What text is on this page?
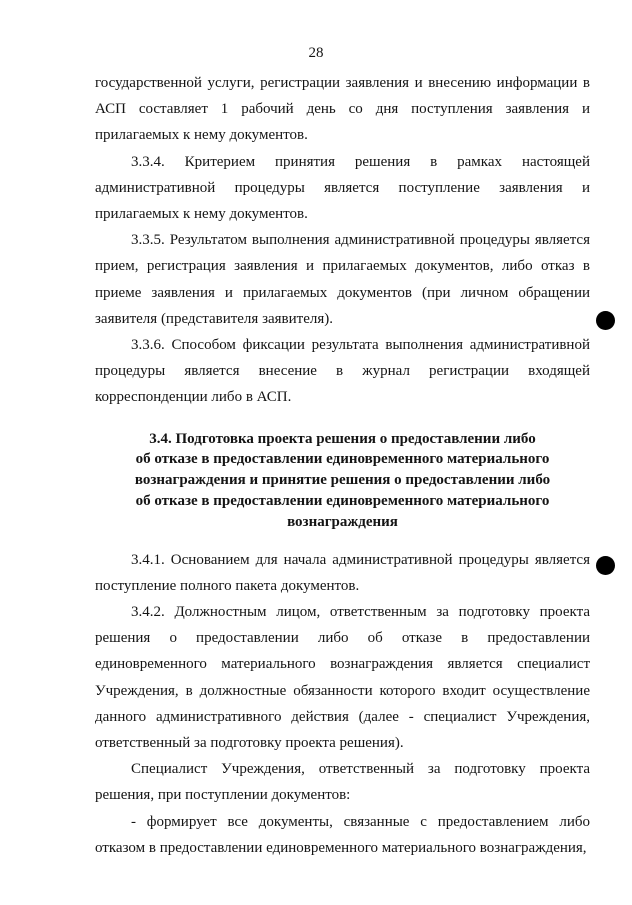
28

государственной услуги, регистрации заявления и внесению информации в АСП составляет 1 рабочий день со дня поступления заявления и прилагаемых к нему документов.

3.3.4. Критерием принятия решения в рамках настоящей административной процедуры является поступление заявления и прилагаемых к нему документов.

3.3.5. Результатом выполнения административной процедуры является прием, регистрация заявления и прилагаемых документов, либо отказ в приеме заявления и прилагаемых документов (при личном обращении заявителя (представителя заявителя).

3.3.6. Способом фиксации результата выполнения административной процедуры является внесение в журнал регистрации входящей корреспонденции либо в АСП.

3.4. Подготовка проекта решения о предоставлении либо
об отказе в предоставлении единовременного материального
вознаграждения и принятие решения о предоставлении либо
об отказе в предоставлении единовременного материального
вознаграждения

3.4.1. Основанием для начала административной процедуры является поступление полного пакета документов.

3.4.2. Должностным лицом, ответственным за подготовку проекта решения о предоставлении либо об отказе в предоставлении единовременного материального вознаграждения является специалист Учреждения, в должностные обязанности которого входит осуществление данного административного действия (далее - специалист Учреждения, ответственный за подготовку проекта решения).

Специалист Учреждения, ответственный за подготовку проекта решения, при поступлении документов:

- формирует все документы, связанные с предоставлением либо отказом в предоставлении единовременного материального вознаграждения,
